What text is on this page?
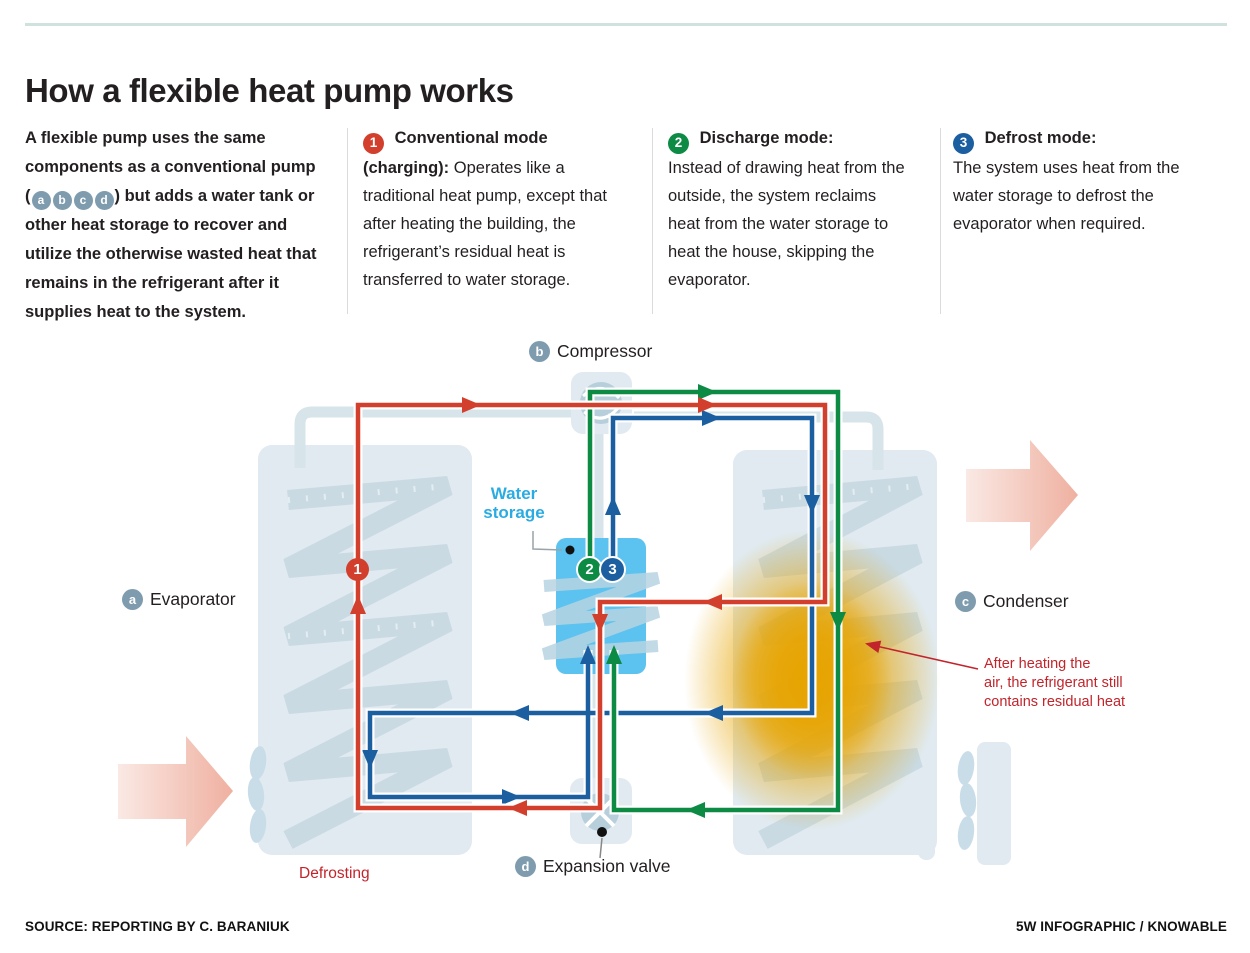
How a flexible heat pump works

A flexible pump uses the same components as a conventional pump ( a b c d ) but adds a water tank or other heat storage to recover and utilize the otherwise wasted heat that remains in the refrigerant after it supplies heat to the system.

1 Conventional mode (charging): Operates like a traditional heat pump, except that after heating the building, the refrigerant’s residual heat is transferred to water storage.

2 Discharge mode:
Instead of drawing heat from the outside, the system reclaims heat from the water storage to heat the house, skipping the evaporator.

3 Defrost mode:
The system uses heat from the water storage to defrost the evaporator when required.

b Compressor
a Evaporator	c Condenser
d Expansion valve
Water
storage
Defrosting
After heating the
air, the refrigerant still
contains residual heat
1	2 3
SOURCE: REPORTING BY C. BARANIUK	5W INFOGRAPHIC / KNOWABLE
